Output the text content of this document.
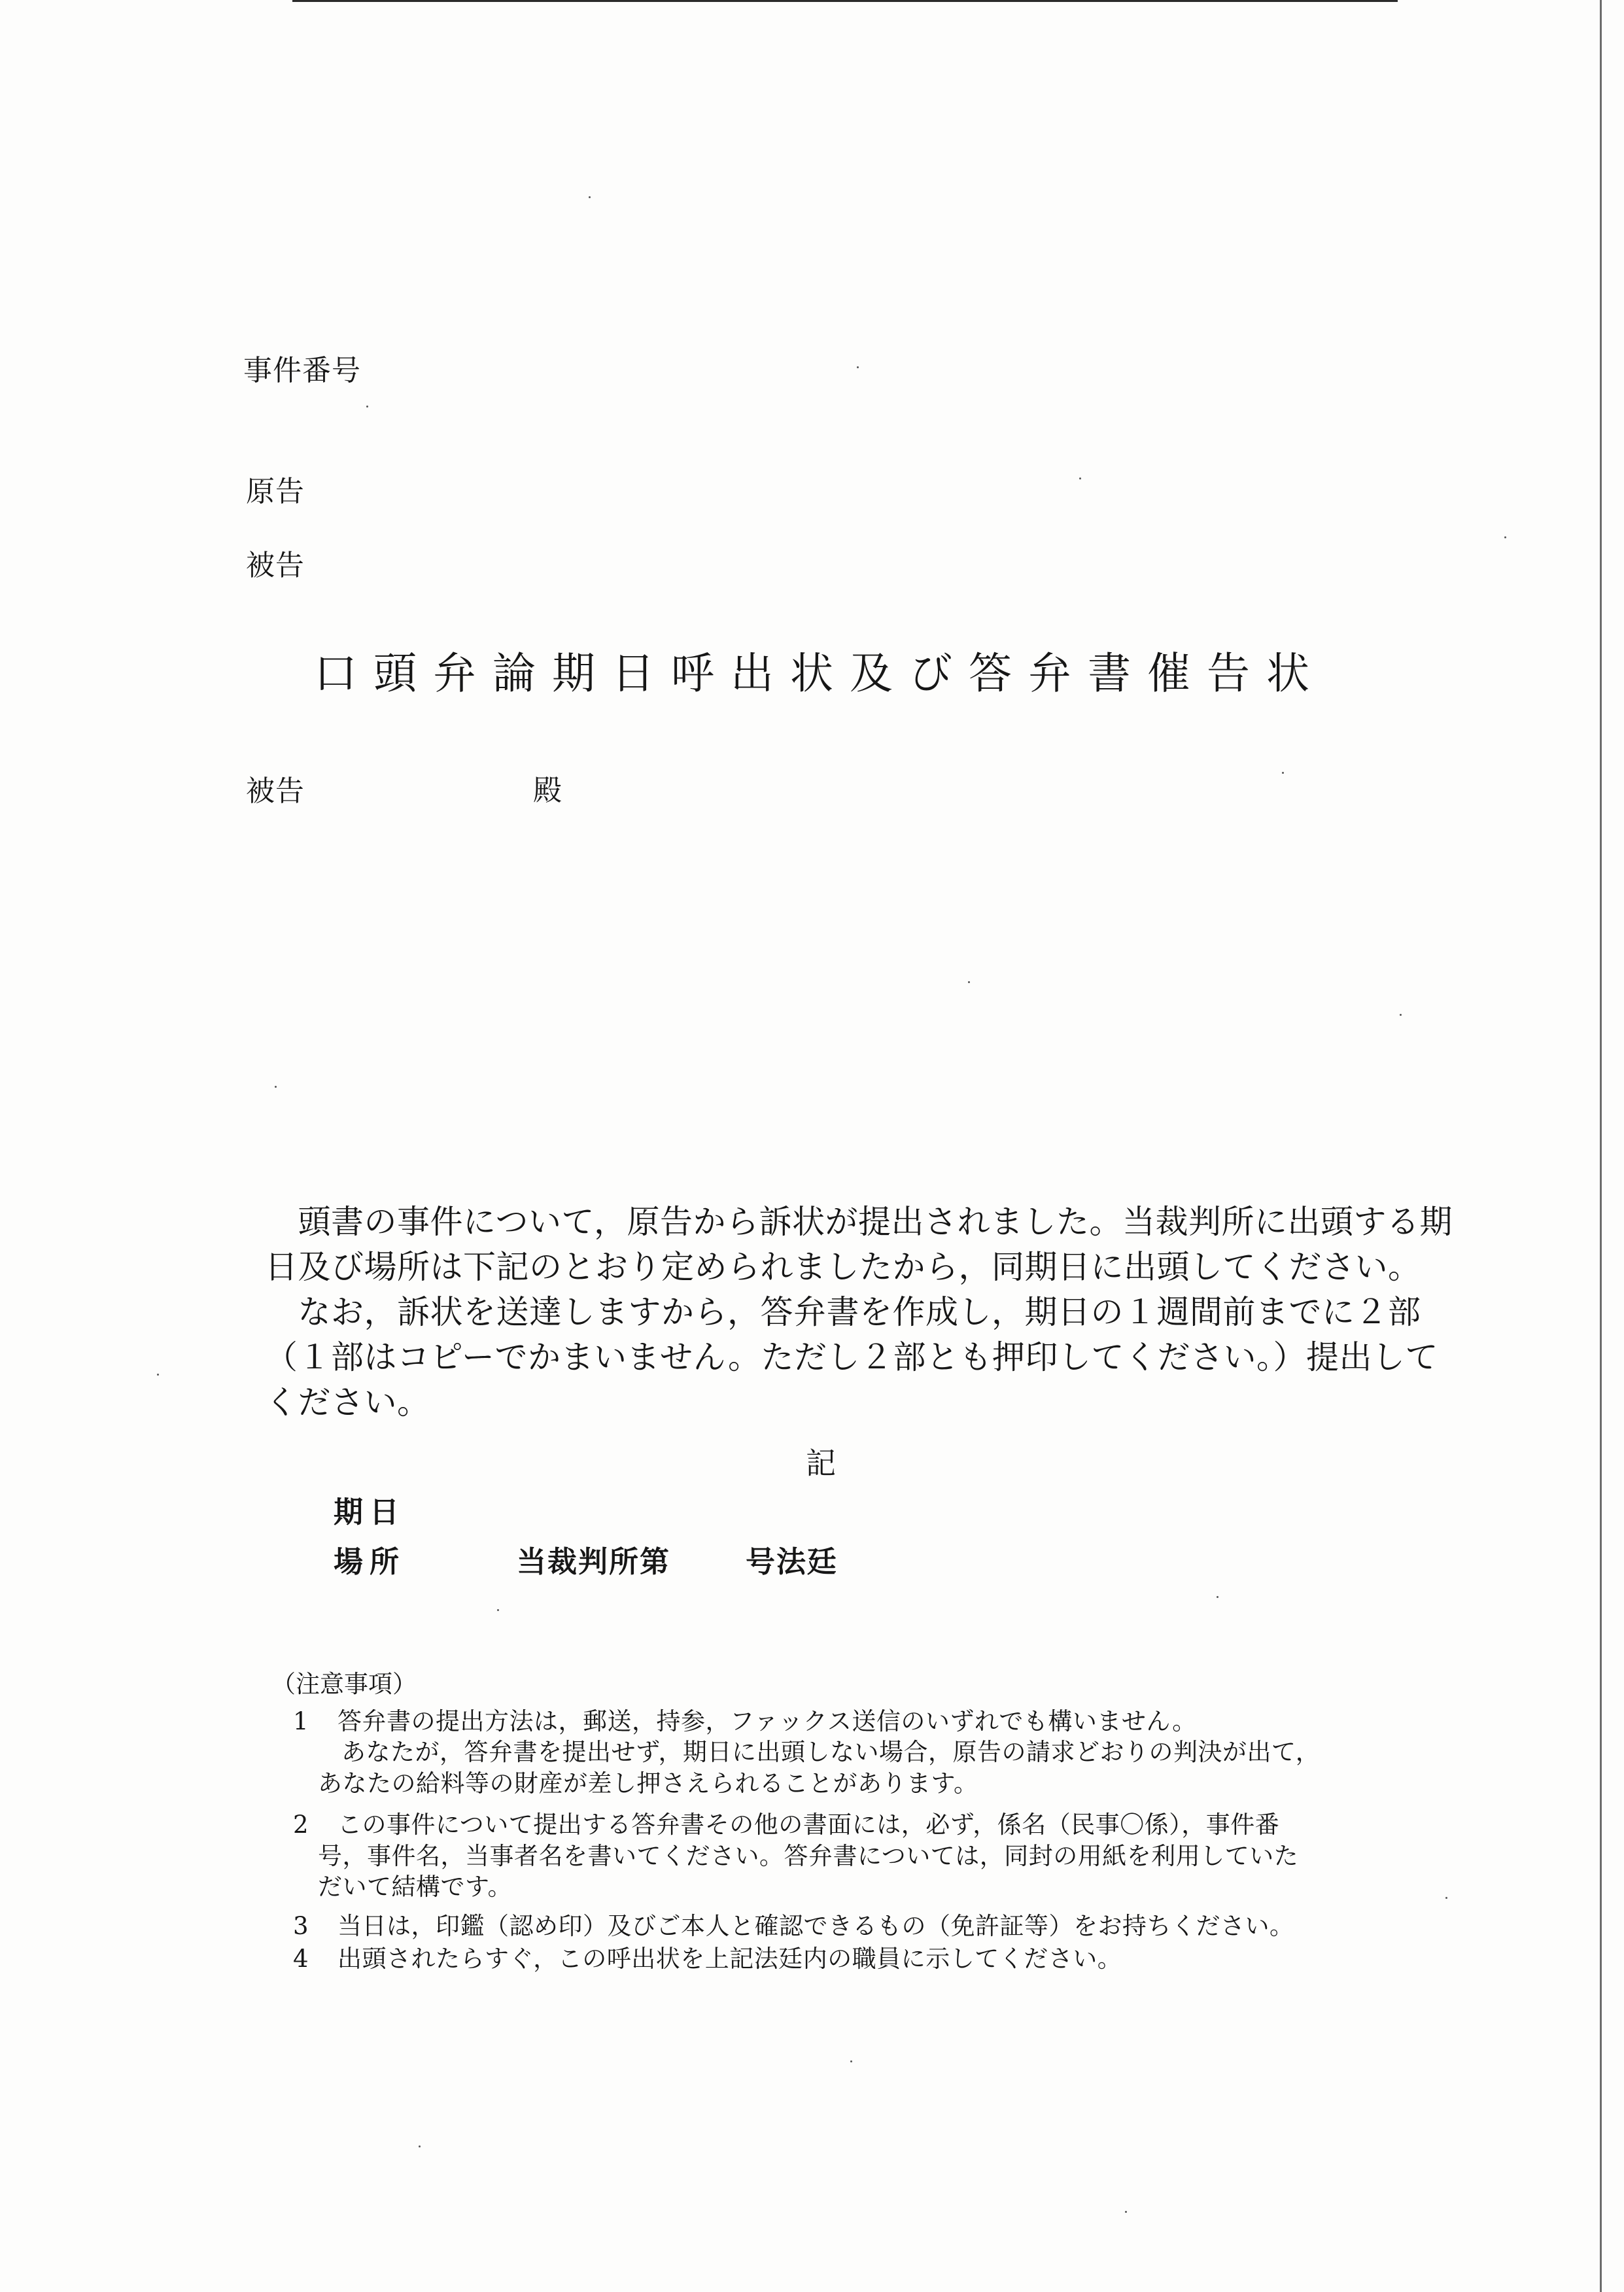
事件番号
原告
被告
口頭弁論期日呼出状及び答弁書催告状
被告	殿
　頭書の事件について，原告から訴状が提出されました。当裁判所に出頭する期
日及び場所は下記のとおり定められましたから，同期日に出頭してください。
　なお，訴状を送達しますから，答弁書を作成し，期日の１週間前までに２部
（１部はコピーでかまいません。ただし２部とも押印してください。）提出して
ください。
記
期日
場所	当裁判所第	号法廷
（注意事項）
1 答弁書の提出方法は，郵送，持参，ファックス送信のいずれでも構いません。
あなたが，答弁書を提出せず，期日に出頭しない場合，原告の請求どおりの判決が出て，
あなたの給料等の財産が差し押さえられることがあります。
2 この事件について提出する答弁書その他の書面には，必ず，係名（民事〇係），事件番
号，事件名，当事者名を書いてください。答弁書については，同封の用紙を利用していた
だいて結構です。
3 当日は，印鑑（認め印）及びご本人と確認できるもの（免許証等）をお持ちください。
4 出頭されたらすぐ，この呼出状を上記法廷内の職員に示してください。
